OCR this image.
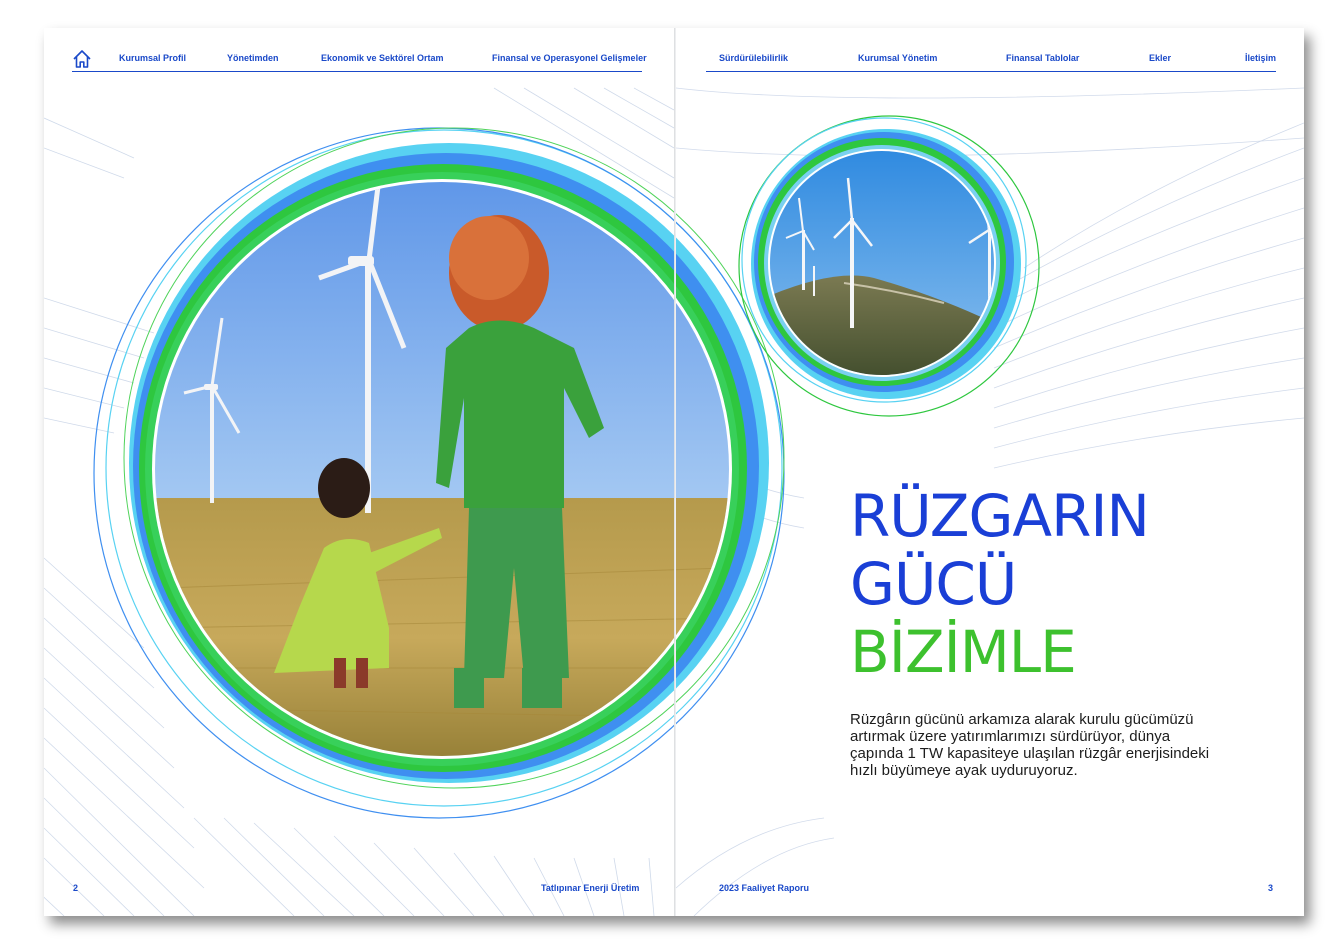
Kurumsal Profil	Yönetimden	Ekonomik ve Sektörel Ortam	Finansal ve Operasyonel Gelişmeler	Sürdürülebilirlik	Kurumsal Yönetim	Finansal Tablolar	Ekler	İletişim
RÜZGARIN
GÜCÜ
BİZİMLE
Rüzgârın gücünü arkamıza alarak kurulu gücümüzü artırmak üzere yatırımlarımızı sürdürüyor, dünya çapında 1 TW kapasiteye ulaşılan rüzgâr enerjisindeki hızlı büyümeye ayak uyduruyoruz.
2	Tatlıpınar Enerji Üretim	2023 Faaliyet Raporu	3
